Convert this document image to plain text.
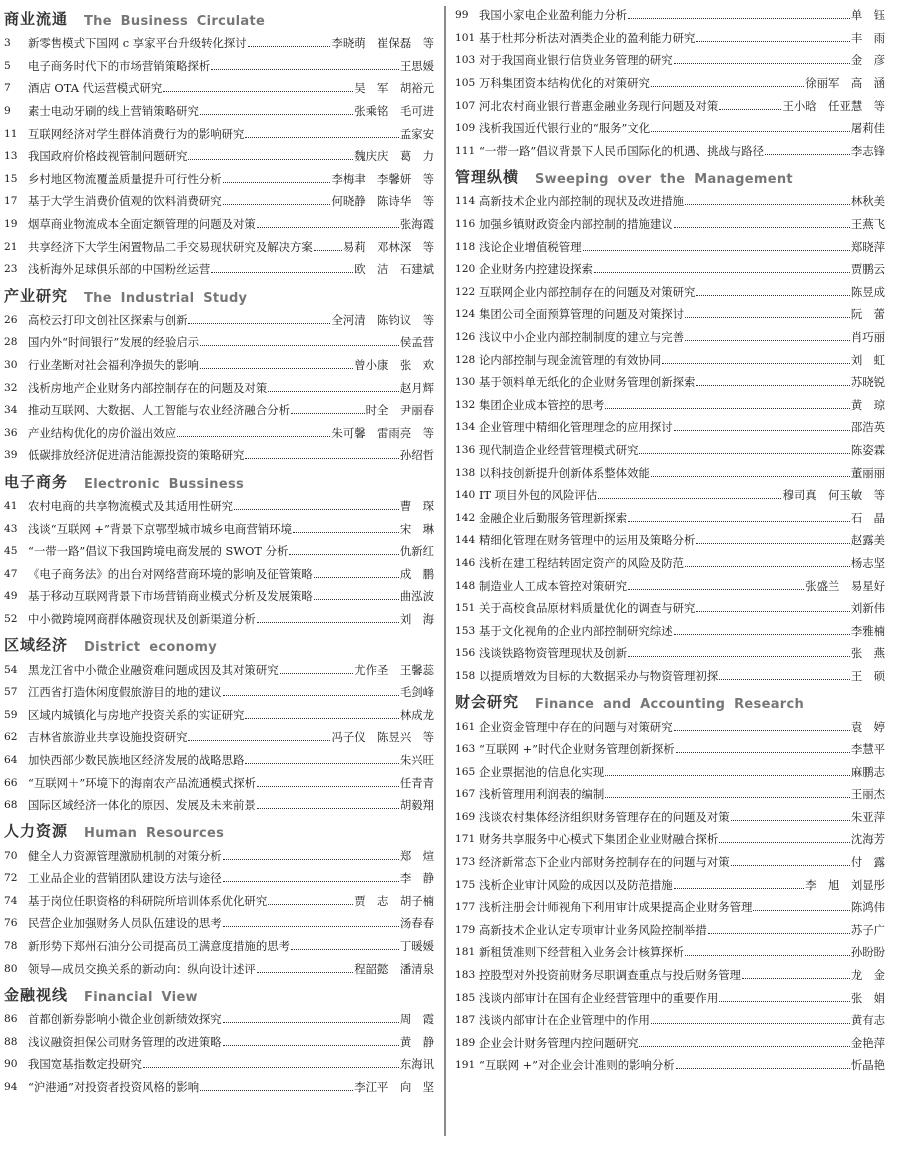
商业流通 The Business Circulate
3	新零售模式下国网 c 享家平台升级转化探讨	李晓萌　崔保磊　等
5	电子商务时代下的市场营销策略探析	王思媛
7	酒店 OTA 代运营模式研究	吴　军　胡裕元
9	素士电动牙刷的线上营销策略研究	张乘铭　毛可进
11 互联网经济对学生群体消费行为的影响研究	孟家安
13 我国政府价格歧视管制问题研究	魏庆庆　葛　力
15 乡村地区物流覆盖质量提升可行性分析	李梅聿　李馨妍　等
17 基于大学生消费价值观的饮料消费研究	何晓静　陈诗华　等
19 烟草商业物流成本全面定额管理的问题及对策	张海霞
21 共享经济下大学生闲置物品二手交易现状研究及解决方案	易莉　邓林深　等
23 浅析海外足球俱乐部的中国粉丝运营	欧　洁　石建斌
产业研究 The Industrial Study
26 高校云打印文创社区探索与创新	全河清　陈钧议　等
28 国内外“时间银行”发展的经验启示	侯孟营
30 行业垄断对社会福利净损失的影响	曾小康　张　欢
32 浅析房地产企业财务内部控制存在的问题及对策	赵月辉
34 推动互联网、大数据、人工智能与农业经济融合分析	时全　尹丽春
36 产业结构优化的房价溢出效应	朱可馨　雷雨亮　等
39 低碳排放经济促进清洁能源投资的策略研究	孙绍哲
电子商务 Electronic Bussiness
41 农村电商的共享物流模式及其适用性研究	曹　琛
43 浅谈“互联网 +”背景下京鄂型城市城乡电商营销环境	宋　琳
45 “一带一路”倡议下我国跨境电商发展的 SWOT 分析	仇新红
47 《电子商务法》的出台对网络营商环境的影响及征管策略	成　鹏
49 基于移动互联网背景下市场营销商业模式分析及发展策略	曲泓波
52 中小微跨境网商群体融资现状及创新渠道分析	刘　海
区域经济 District economy
54 黑龙江省中小微企业融资难问题成因及其对策研究	尤作圣　王馨蕊
57 江西省打造休闲度假旅游目的地的建议	毛剑峰
59 区域内城镇化与房地产投资关系的实证研究	林成龙
62 吉林省旅游业共享设施投资研究	冯子仪　陈昱兴　等
64 加快西部少数民族地区经济发展的战略思路	朱兴旺
66 “互联网＋”环境下的海南农产品流通模式探析	任青青
68 国际区域经济一体化的原因、发展及未来前景	胡毅翔
人力资源 Human Resources
70 健全人力资源管理激励机制的对策分析	郑　煊
72 工业品企业的营销团队建设方法与途径	李　静
74 基于岗位任职资格的科研院所培训体系优化研究	贾　志　胡子楠
76 民营企业加强财务人员队伍建设的思考	汤春春
78 新形势下郑州石油分公司提高员工满意度措施的思考	丁暖媛
80 领导—成员交换关系的新动向：纵向设计述评	程韶懿　潘清泉
金融视线 Financial View
86 首都创新券影响小微企业创新绩效探究	周　霞
88 浅议融资担保公司财务管理的改进策略	黄　静
90 我国宽基指数定投研究	东海讯
94 “沪港通”对投资者投资风格的影响	李江平　向　坚
99 我国小家电企业盈利能力分析	单　钰
101 基于杜邦分析法对酒类企业的盈利能力研究	丰　雨
103 对于我国商业银行信贷业务管理的研究	金　彦
105 万科集团资本结构优化的对策研究	徐丽军　高　涵
107 河北农村商业银行普惠金融业务现行问题及对策	王小晗　任亚慧　等
109 浅析我国近代银行业的“服务”文化	屠莉佳
111 “一带一路”倡议背景下人民币国际化的机遇、挑战与路径	李志锋
管理纵横 Sweeping over the Management
114 高新技术企业内部控制的现状及改进措施	林秋美
116 加强乡镇财政资金内部控制的措施建议	王燕飞
118 浅论企业增值税管理	郑晓萍
120 企业财务内控建设探索	贾鹏云
122 互联网企业内部控制存在的问题及对策研究	陈昱成
124 集团公司全面预算管理的问题及对策探讨	阮　蕾
126 浅议中小企业内部控制制度的建立与完善	肖巧丽
128 论内部控制与现金流管理的有效协同	刘　虹
130 基于领料单无纸化的企业财务管理创新探索	苏晓锐
132 集团企业成本管控的思考	黄　琼
134 企业管理中精细化管理理念的应用探讨	邵浩英
136 现代制造企业经营管理模式研究	陈姿霖
138 以科技创新提升创新体系整体效能	董丽丽
140 IT 项目外包的风险评估	穆司真　何玉敏　等
142 金融企业后勤服务管理新探索	石　晶
144 精细化管理在财务管理中的运用及策略分析	赵露美
146 浅析在建工程结转固定资产的风险及防范	杨志坚
148 制造业人工成本管控对策研究	张盛兰　易星好
151 关于高校食品原材料质量优化的调查与研究	刘新伟
153 基于文化视角的企业内部控制研究综述	李雅楠
156 浅谈铁路物资管理现状及创新	张　燕
158 以提质增效为目标的大数据采办与物资管理初探	王　硕
财会研究 Finance and Accounting Research
161 企业资金管理中存在的问题与对策研究	袁　婷
163 “互联网 +”时代企业财务管理创新探析	李慧平
165 企业票据池的信息化实现	麻鹏志
167 浅析管理用利润表的编制	王丽杰
169 浅谈农村集体经济组织财务管理存在的问题及对策	朱亚萍
171 财务共享服务中心模式下集团企业业财融合探析	沈海芳
173 经济新常态下企业内部财务控制存在的问题与对策	付　露
175 浅析企业审计风险的成因以及防范措施	李　旭　刘显彤
177 浅析注册会计师视角下利用审计成果提高企业财务管理	陈鸿伟
179 高新技术企业认定专项审计业务风险控制举措	苏子广
181 新租赁准则下经营租入业务会计核算探析	孙盼盼
183 控股型对外投资前财务尽职调查重点与投后财务管理	龙　金
185 浅谈内部审计在国有企业经营管理中的重要作用	张　娟
187 浅谈内部审计在企业管理中的作用	黄有志
189 企业会计财务管理内控问题研究	金艳萍
191 “互联网 +”对企业会计准则的影响分析	忻晶艳
